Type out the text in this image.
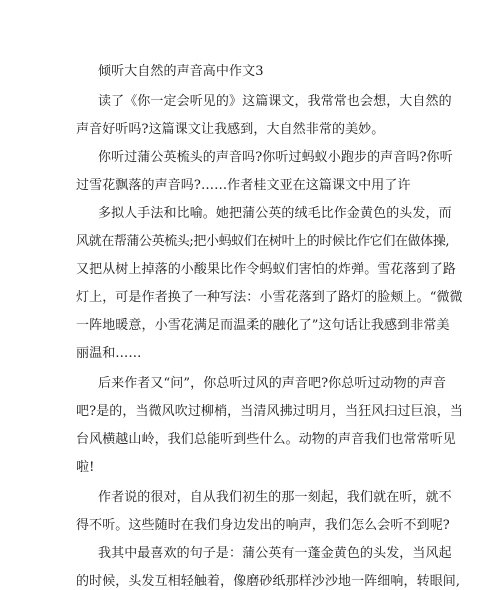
倾听大自然的声音高中作文3
读了《你一定会听见的》这篇课文，我常常也会想，大自然的
声音好听吗?这篇课文让我感到，大自然非常的美妙。
你听过蒲公英梳头的声音吗?你听过蚂蚁小跑步的声音吗?你听
过雪花飘落的声音吗?……作者桂文亚在这篇课文中用了许
多拟人手法和比喻。她把蒲公英的绒毛比作金黄色的头发，而
风就在帮蒲公英梳头;把小蚂蚁们在树叶上的时候比作它们在做体操,
又把从树上掉落的小酸果比作令蚂蚁们害怕的炸弹。雪花落到了路
灯上，可是作者换了一种写法：小雪花落到了路灯的脸颊上。“微微
一阵地暖意，小雪花满足而温柔的融化了”这句话让我感到非常美
丽温和……
后来作者又“问”，你总听过风的声音吧?你总听过动物的声音
吧?是的，当微风吹过柳梢，当清风拂过明月，当狂风扫过巨浪，当
台风横越山岭，我们总能听到些什么。动物的声音我们也常常听见
啦!
作者说的很对，自从我们初生的那一刻起，我们就在听，就不
得不听。这些随时在我们身边发出的响声，我们怎么会听不到呢?
我其中最喜欢的句子是：蒲公英有一蓬金黄色的头发，当风起
的时候，头发互相轻触着，像磨砂纸那样沙沙地一阵细响，转眼间,
